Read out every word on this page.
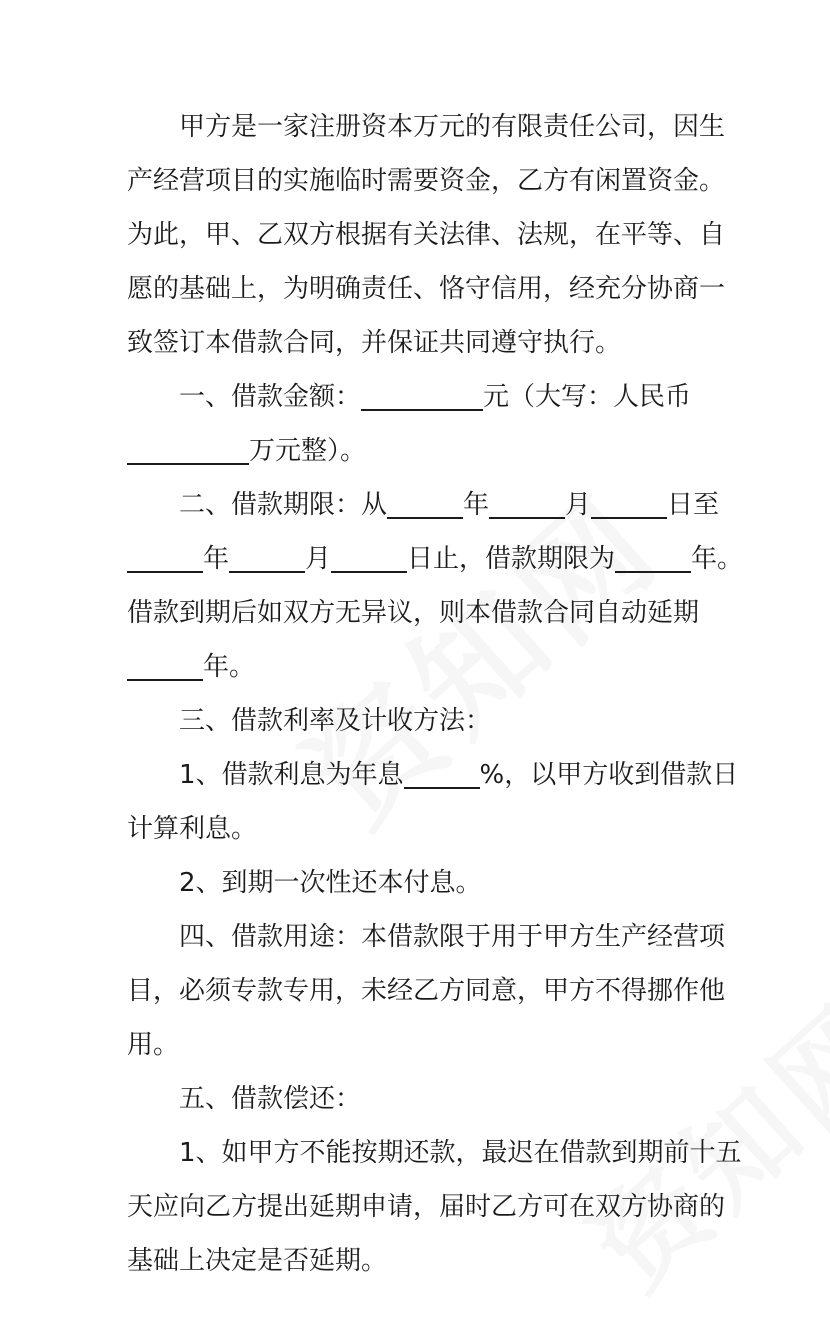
甲方是一家注册资本万元的有限责任公司，因生
产经营项目的实施临时需要资金，乙方有闲置资金。
为此，甲、乙双方根据有关法律、法规，在平等、自
愿的基础上，为明确责任、恪守信用，经充分协商一
致签订本借款合同，并保证共同遵守执行。
一、借款金额：	元（大写：人民币
万元整）。
二、借款期限：从	年	月	日至
年	月	日止，借款期限为	年。
借款到期后如双方无异议，则本借款合同自动延期
年。
三、借款利率及计收方法：
1、借款利息为年息	%，以甲方收到借款日
计算利息。
2、到期一次性还本付息。
四、借款用途：本借款限于用于甲方生产经营项
目，必须专款专用，未经乙方同意，甲方不得挪作他
用。
五、借款偿还：
1、如甲方不能按期还款，最迟在借款到期前十五
天应向乙方提出延期申请，届时乙方可在双方协商的
基础上决定是否延期。
